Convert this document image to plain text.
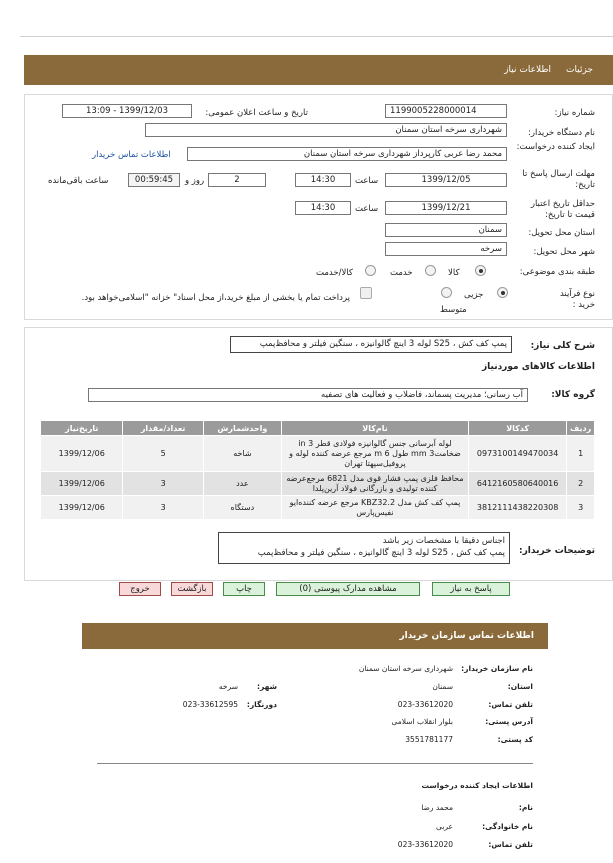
جزئیات
اطلاعات نیاز
شماره نیاز:
1199005228000014
تاریخ و ساعت اعلان عمومی:
13:09 - 1399/12/03
نام دستگاه خریدار:
شهرداری سرخه استان سمنان
ایجاد کننده درخواست:
محمد رضا عربی کارپرداز شهرداری سرخه استان سمنان
اطلاعات تماس خریدار
مهلت ارسال پاسخ تا تاریخ:
1399/12/05
ساعت
14:30
2
روز و
00:59:45
ساعت باقی‌مانده
حداقل تاریخ اعتبار قیمت تا تاریخ:
1399/12/21
ساعت
14:30
استان محل تحویل:
سمنان
شهر محل تحویل:
سرخه
طبقه بندی موضوعی:
کالا
خدمت
کالا/خدمت
نوع فرآیند خرید :
جزیی
متوسط
پرداخت تمام یا بخشی از مبلغ خرید،از محل اسناد" خزانه "اسلامی‌خواهد بود.
شرح کلی نیاز:
پمپ کف کش ، S25 لوله 3 اینچ گالوانیزه ، سنگین فیلتر و محافظ‌پمپ
اطلاعات کالاهای موردنیاز
گروه کالا:
آب رسانی؛ مدیریت پسماند، فاضلاب و فعالیت های تصفیه
ردیف	کدکالا	نام‌کالا	واحدشمارش	تعداد/مقدار	تاریخ‌نیاز
1	0973100149470034	لوله آبرسانی جنس گالوانیزه فولادی قطر 3 in ضخامت3 mm طول 6 m مرجع عرضه کننده لوله و پروفیل‌سپهتا تهران	شاخه	5	1399/12/06
2	6412160580640016	محافظ فلزی پمپ فشار قوی مدل 6821 مرجع‌عرضه کننده تولیدی و بازرگانی فولاد آرین‌پلدا	عدد	3	1399/12/06
3	3812111438220308	پمپ کف کش مدل KBZ32.2 مرجع عرضه کننده‌ایو نفیس‌پارس	دستگاه	3	1399/12/06
توضیحات خریدار:
اجناس دقیقا با مشخصات زیر باشد
پمپ کف کش ، S25 لوله 3 اینچ گالوانیزه ، سنگین فیلتر و محافظ‌پمپ
پاسخ به نیاز
مشاهده مدارک پیوستی (0)
چاپ
بازگشت
خروج
اطلاعات تماس سازمان خریدار
نام سازمان خریدار:
شهرداری سرخه استان سمنان
استان:
سمنان
شهر:
سرخه
تلفن تماس:
023-33612020
دورنگار:
023-33612595
آدرس پستی:
بلوار انقلاب اسلامی
کد پستی:
3551781177
اطلاعات ایجاد کننده درخواست
نام:
محمد رضا
نام خانوادگی:
عربی
تلفن تماس:
023-33612020
